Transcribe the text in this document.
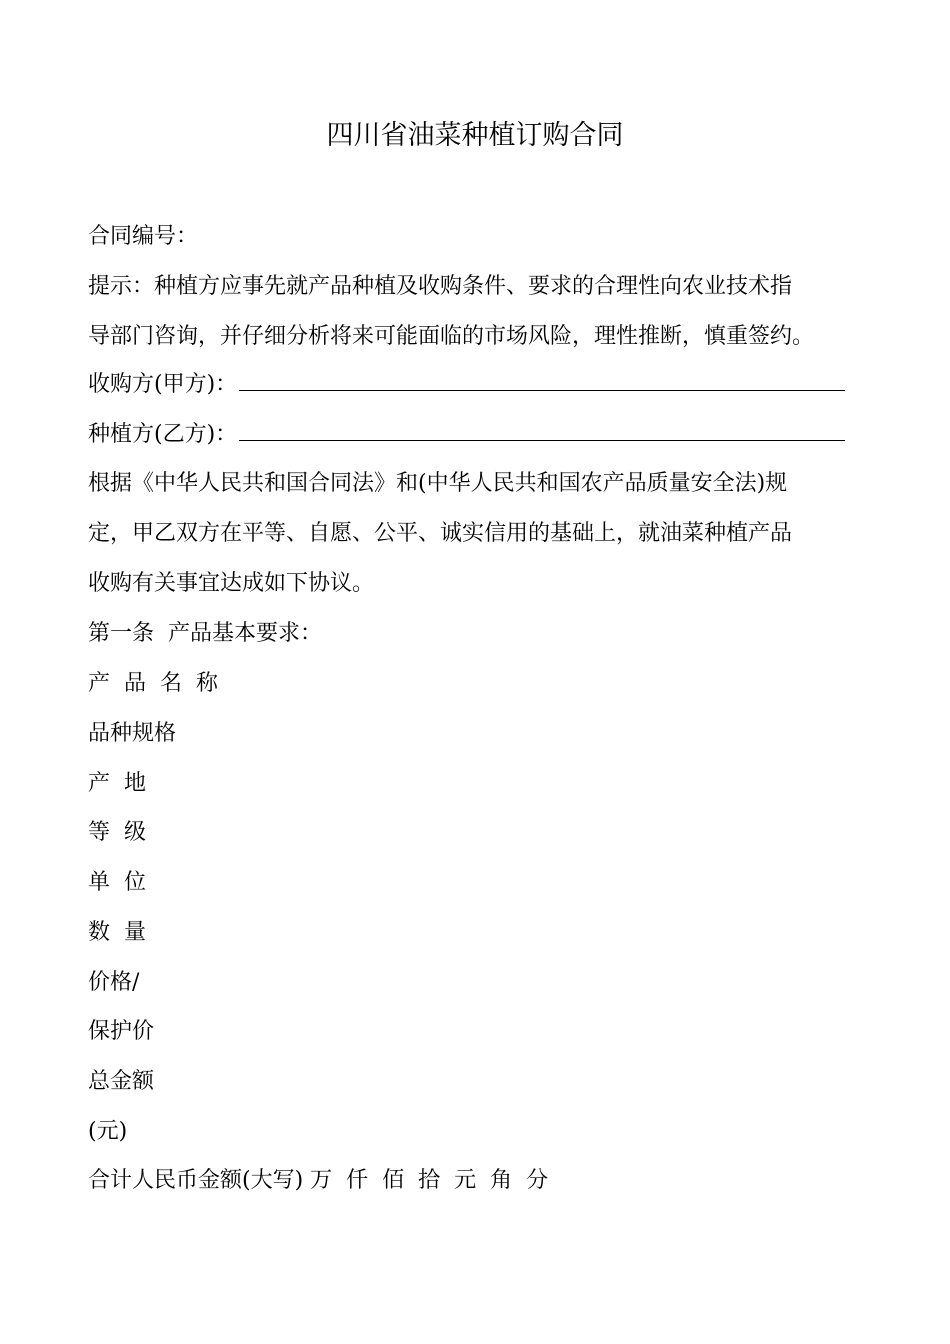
四川省油菜种植订购合同
合同编号：
提示：种植方应事先就产品种植及收购条件、要求的合理性向农业技术指
导部门咨询，并仔细分析将来可能面临的市场风险，理性推断，慎重签约。
收购方(甲方)：
种植方(乙方)：
根据《中华人民共和国合同法》和(中华人民共和国农产品质量安全法)规
定，甲乙双方在平等、自愿、公平、诚实信用的基础上，就油菜种植产品
收购有关事宜达成如下协议。
第一条  产品基本要求：
产  品  名  称
品种规格
产  地
等  级
单  位
数  量
价格/
保护价
总金额
(元)
合计人民币金额(大写) 万  仟  佰  拾  元  角  分
